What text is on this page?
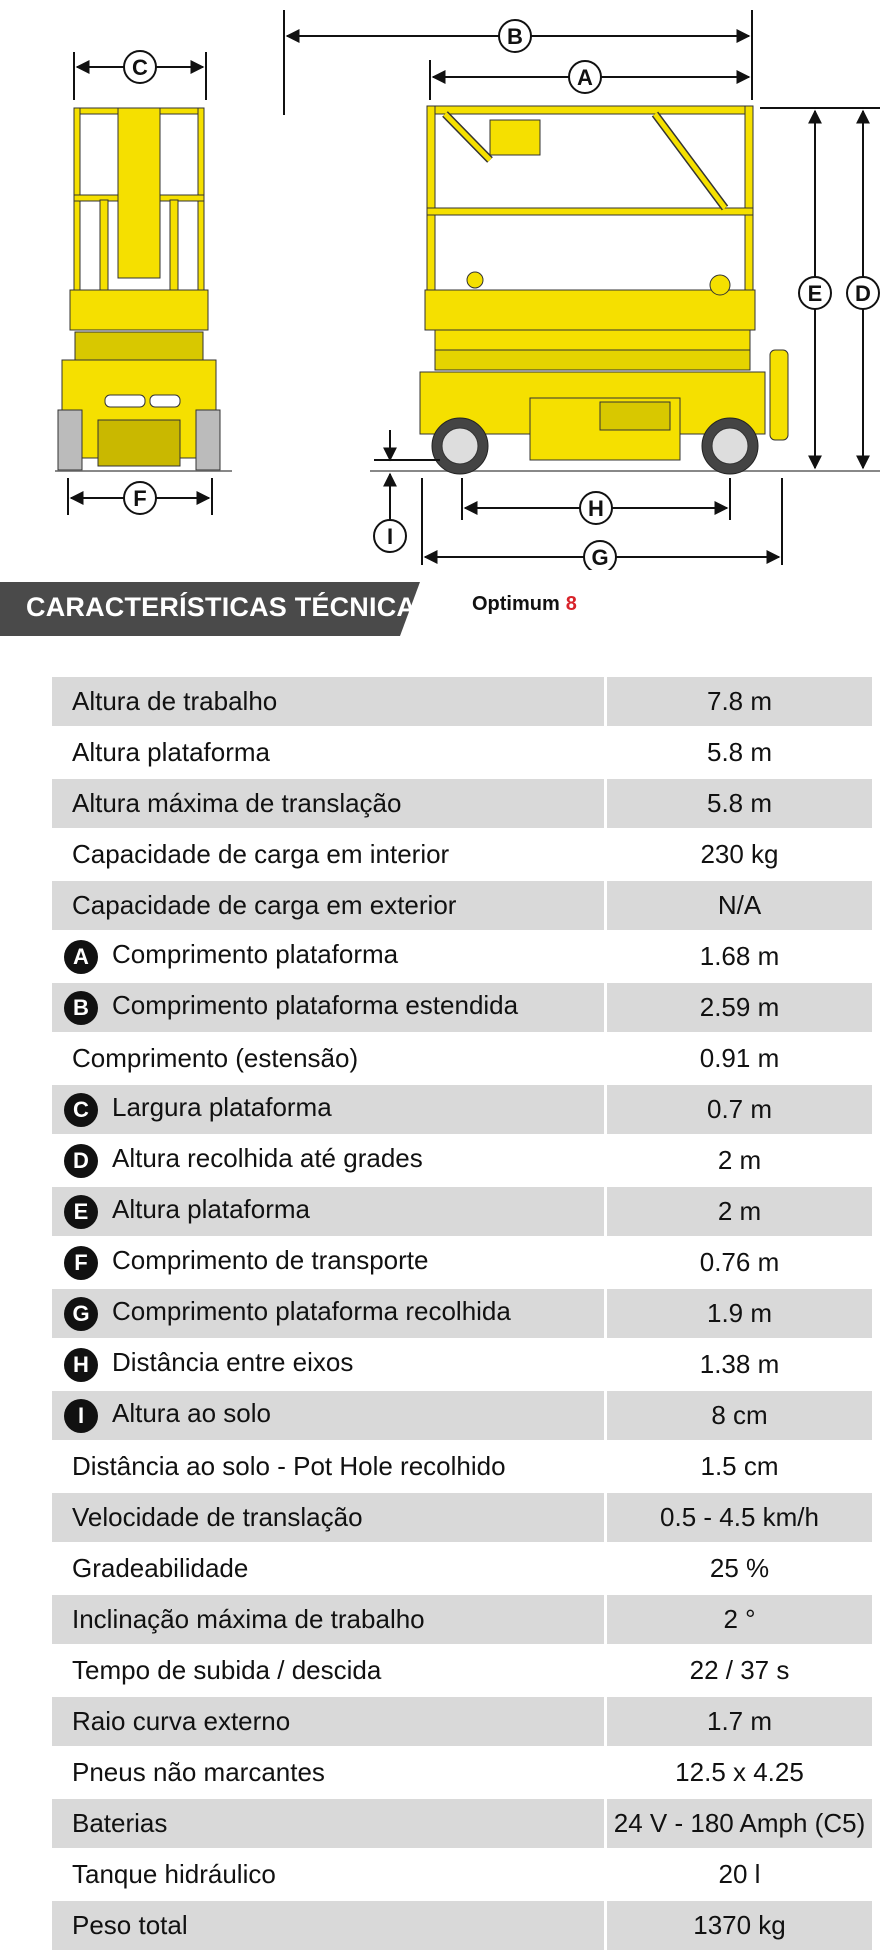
B
A
C
E D
F	H
G
I
CARACTERÍSTICAS TÉCNICAS Optimum 8
Altura de trabalho	7.8 m
Altura plataforma	5.8 m
Altura máxima de translação	5.8 m
Capacidade de carga em interior	230 kg
Capacidade de carga em exterior	N/A
A Comprimento plataforma	1.68 m
B Comprimento plataforma estendida	2.59 m
Comprimento (estensão)	0.91 m
C Largura plataforma	0.7 m
D Altura recolhida até grades	2 m
E Altura plataforma	2 m
F Comprimento de transporte	0.76 m
G Comprimento plataforma recolhida	1.9 m
H Distância entre eixos	1.38 m
I Altura ao solo	8 cm
Distância ao solo - Pot Hole recolhido	1.5 cm
Velocidade de translação	0.5 - 4.5 km/h
Gradeabilidade	25 %
Inclinação máxima de trabalho	2 °
Tempo de subida / descida	22 / 37 s
Raio curva externo	1.7 m
Pneus não marcantes	12.5 x 4.25
Baterias	24 V - 180 Amph (C5)
Tanque hidráulico	20 l
Peso total	1370 kg
